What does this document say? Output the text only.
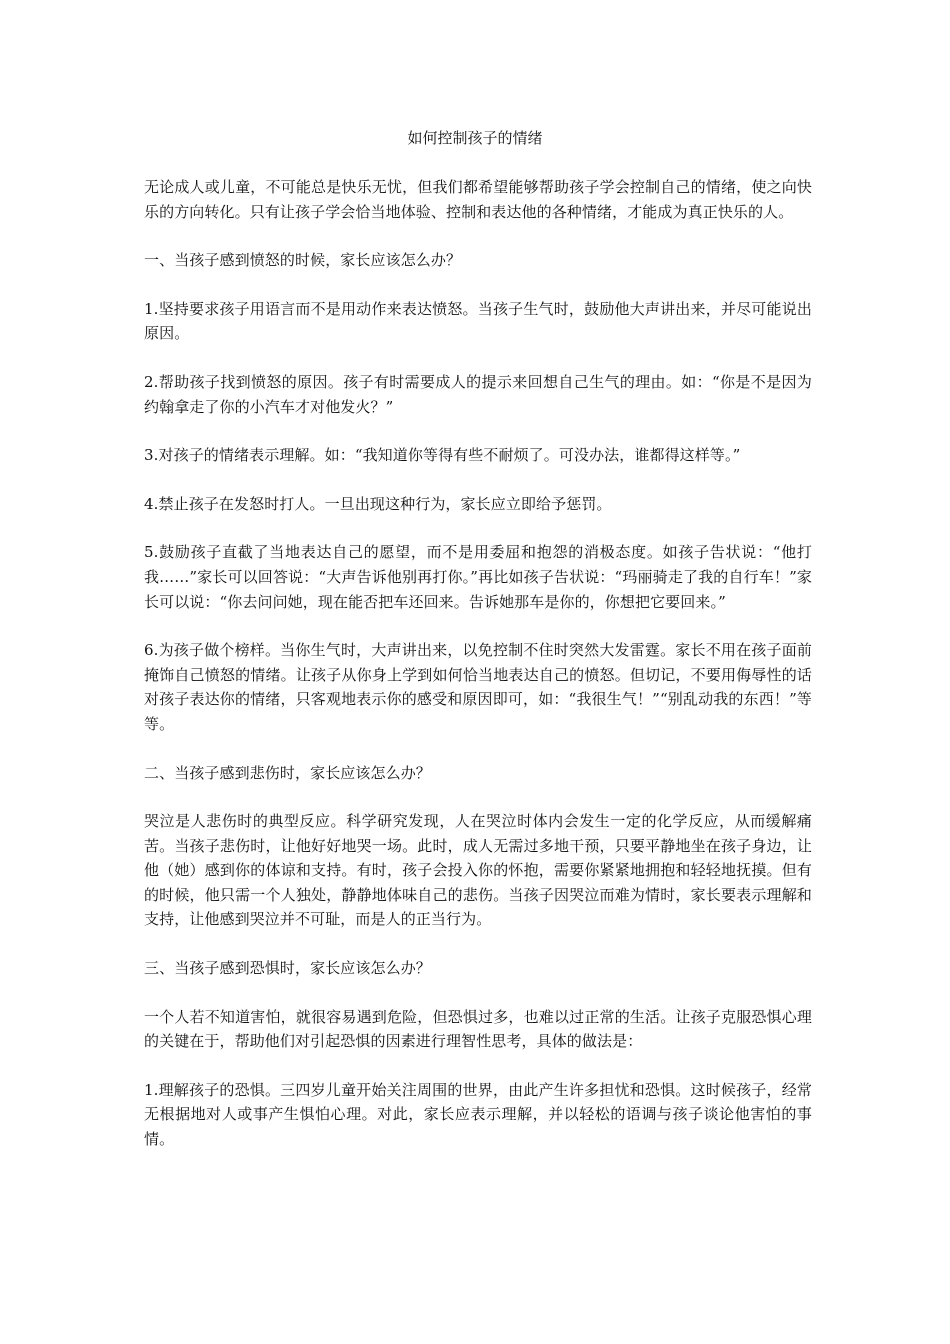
如何控制孩子的情绪

无论成人或儿童，不可能总是快乐无忧，但我们都希望能够帮助孩子学会控制自己的情绪，使之向快乐的方向转化。只有让孩子学会恰当地体验、控制和表达他的各种情绪，才能成为真正快乐的人。

一、当孩子感到愤怒的时候，家长应该怎么办？

1.坚持要求孩子用语言而不是用动作来表达愤怒。当孩子生气时，鼓励他大声讲出来，并尽可能说出原因。

2.帮助孩子找到愤怒的原因。孩子有时需要成人的提示来回想自己生气的理由。如：“你是不是因为约翰拿走了你的小汽车才对他发火？”

3.对孩子的情绪表示理解。如：“我知道你等得有些不耐烦了。可没办法，谁都得这样等。”

4.禁止孩子在发怒时打人。一旦出现这种行为，家长应立即给予惩罚。

5.鼓励孩子直截了当地表达自己的愿望，而不是用委屈和抱怨的消极态度。如孩子告状说：“他打我……”家长可以回答说：“大声告诉他别再打你。”再比如孩子告状说：“玛丽骑走了我的自行车！”家长可以说：“你去问问她，现在能否把车还回来。告诉她那车是你的，你想把它要回来。”

6.为孩子做个榜样。当你生气时，大声讲出来，以免控制不住时突然大发雷霆。家长不用在孩子面前掩饰自己愤怒的情绪。让孩子从你身上学到如何恰当地表达自己的愤怒。但切记，不要用侮辱性的话对孩子表达你的情绪，只客观地表示你的感受和原因即可，如：“我很生气！”“别乱动我的东西！”等等。

二、当孩子感到悲伤时，家长应该怎么办？

哭泣是人悲伤时的典型反应。科学研究发现，人在哭泣时体内会发生一定的化学反应，从而缓解痛苦。当孩子悲伤时，让他好好地哭一场。此时，成人无需过多地干预，只要平静地坐在孩子身边，让他（她）感到你的体谅和支持。有时，孩子会投入你的怀抱，需要你紧紧地拥抱和轻轻地抚摸。但有的时候，他只需一个人独处，静静地体味自己的悲伤。当孩子因哭泣而难为情时，家长要表示理解和支持，让他感到哭泣并不可耻，而是人的正当行为。

三、当孩子感到恐惧时，家长应该怎么办？

一个人若不知道害怕，就很容易遇到危险，但恐惧过多，也难以过正常的生活。让孩子克服恐惧心理的关键在于，帮助他们对引起恐惧的因素进行理智性思考，具体的做法是：

1.理解孩子的恐惧。三四岁儿童开始关注周围的世界，由此产生许多担忧和恐惧。这时候孩子，经常无根据地对人或事产生惧怕心理。对此，家长应表示理解，并以轻松的语调与孩子谈论他害怕的事情。
